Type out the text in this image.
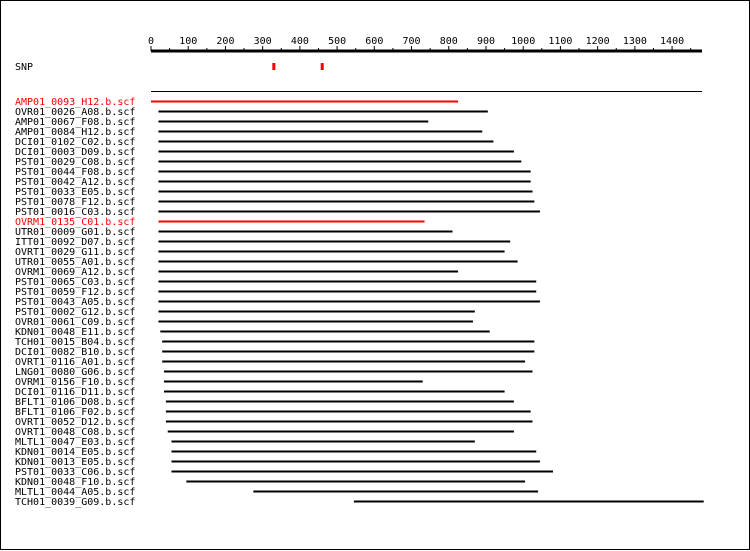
0	100 200 300 400 500 600 700 800 900 1000 1100 1200 1300 1400
SNP
AMP01_0093_H12.b.scf
OVR01_0026_A08.b.scf
AMP01_0067_F08.b.scf
AMP01_0084_H12.b.scf
DCI01_0102_C02.b.scf
DCI01_0003_D09.b.scf
PST01_0029_C08.b.scf
PST01_0044_F08.b.scf
PST01_0042_A12.b.scf
PST01_0033_E05.b.scf
PST01_0078_F12.b.scf
PST01_0016_C03.b.scf
OVRM1_0135_C01.b.scf
UTR01_0009_G01.b.scf
ITT01_0092_D07.b.scf
OVRT1_0029_G11.b.scf
UTR01_0055_A01.b.scf
OVRM1_0069_A12.b.scf
PST01_0065_C03.b.scf
PST01_0059_F12.b.scf
PST01_0043_A05.b.scf
PST01_0002_G12.b.scf
OVR01_0061_C09.b.scf
KDN01_0048_E11.b.scf
TCH01_0015_B04.b.scf
DCI01_0082_B10.b.scf
OVRT1_0116_A01.b.scf
LNG01_0080_G06.b.scf
OVRM1_0156_F10.b.scf
DCI01_0116_D11.b.scf
BFLT1_0106_D08.b.scf
BFLT1_0106_F02.b.scf
OVRT1_0052_D12.b.scf
OVRT1_0048_C08.b.scf
MLTL1_0047_E03.b.scf
KDN01_0014_E05.b.scf
KDN01_0013_E05.b.scf
PST01_0033_C06.b.scf
KDN01_0048_F10.b.scf
MLTL1_0044_A05.b.scf
TCH01_0039_G09.b.scf
